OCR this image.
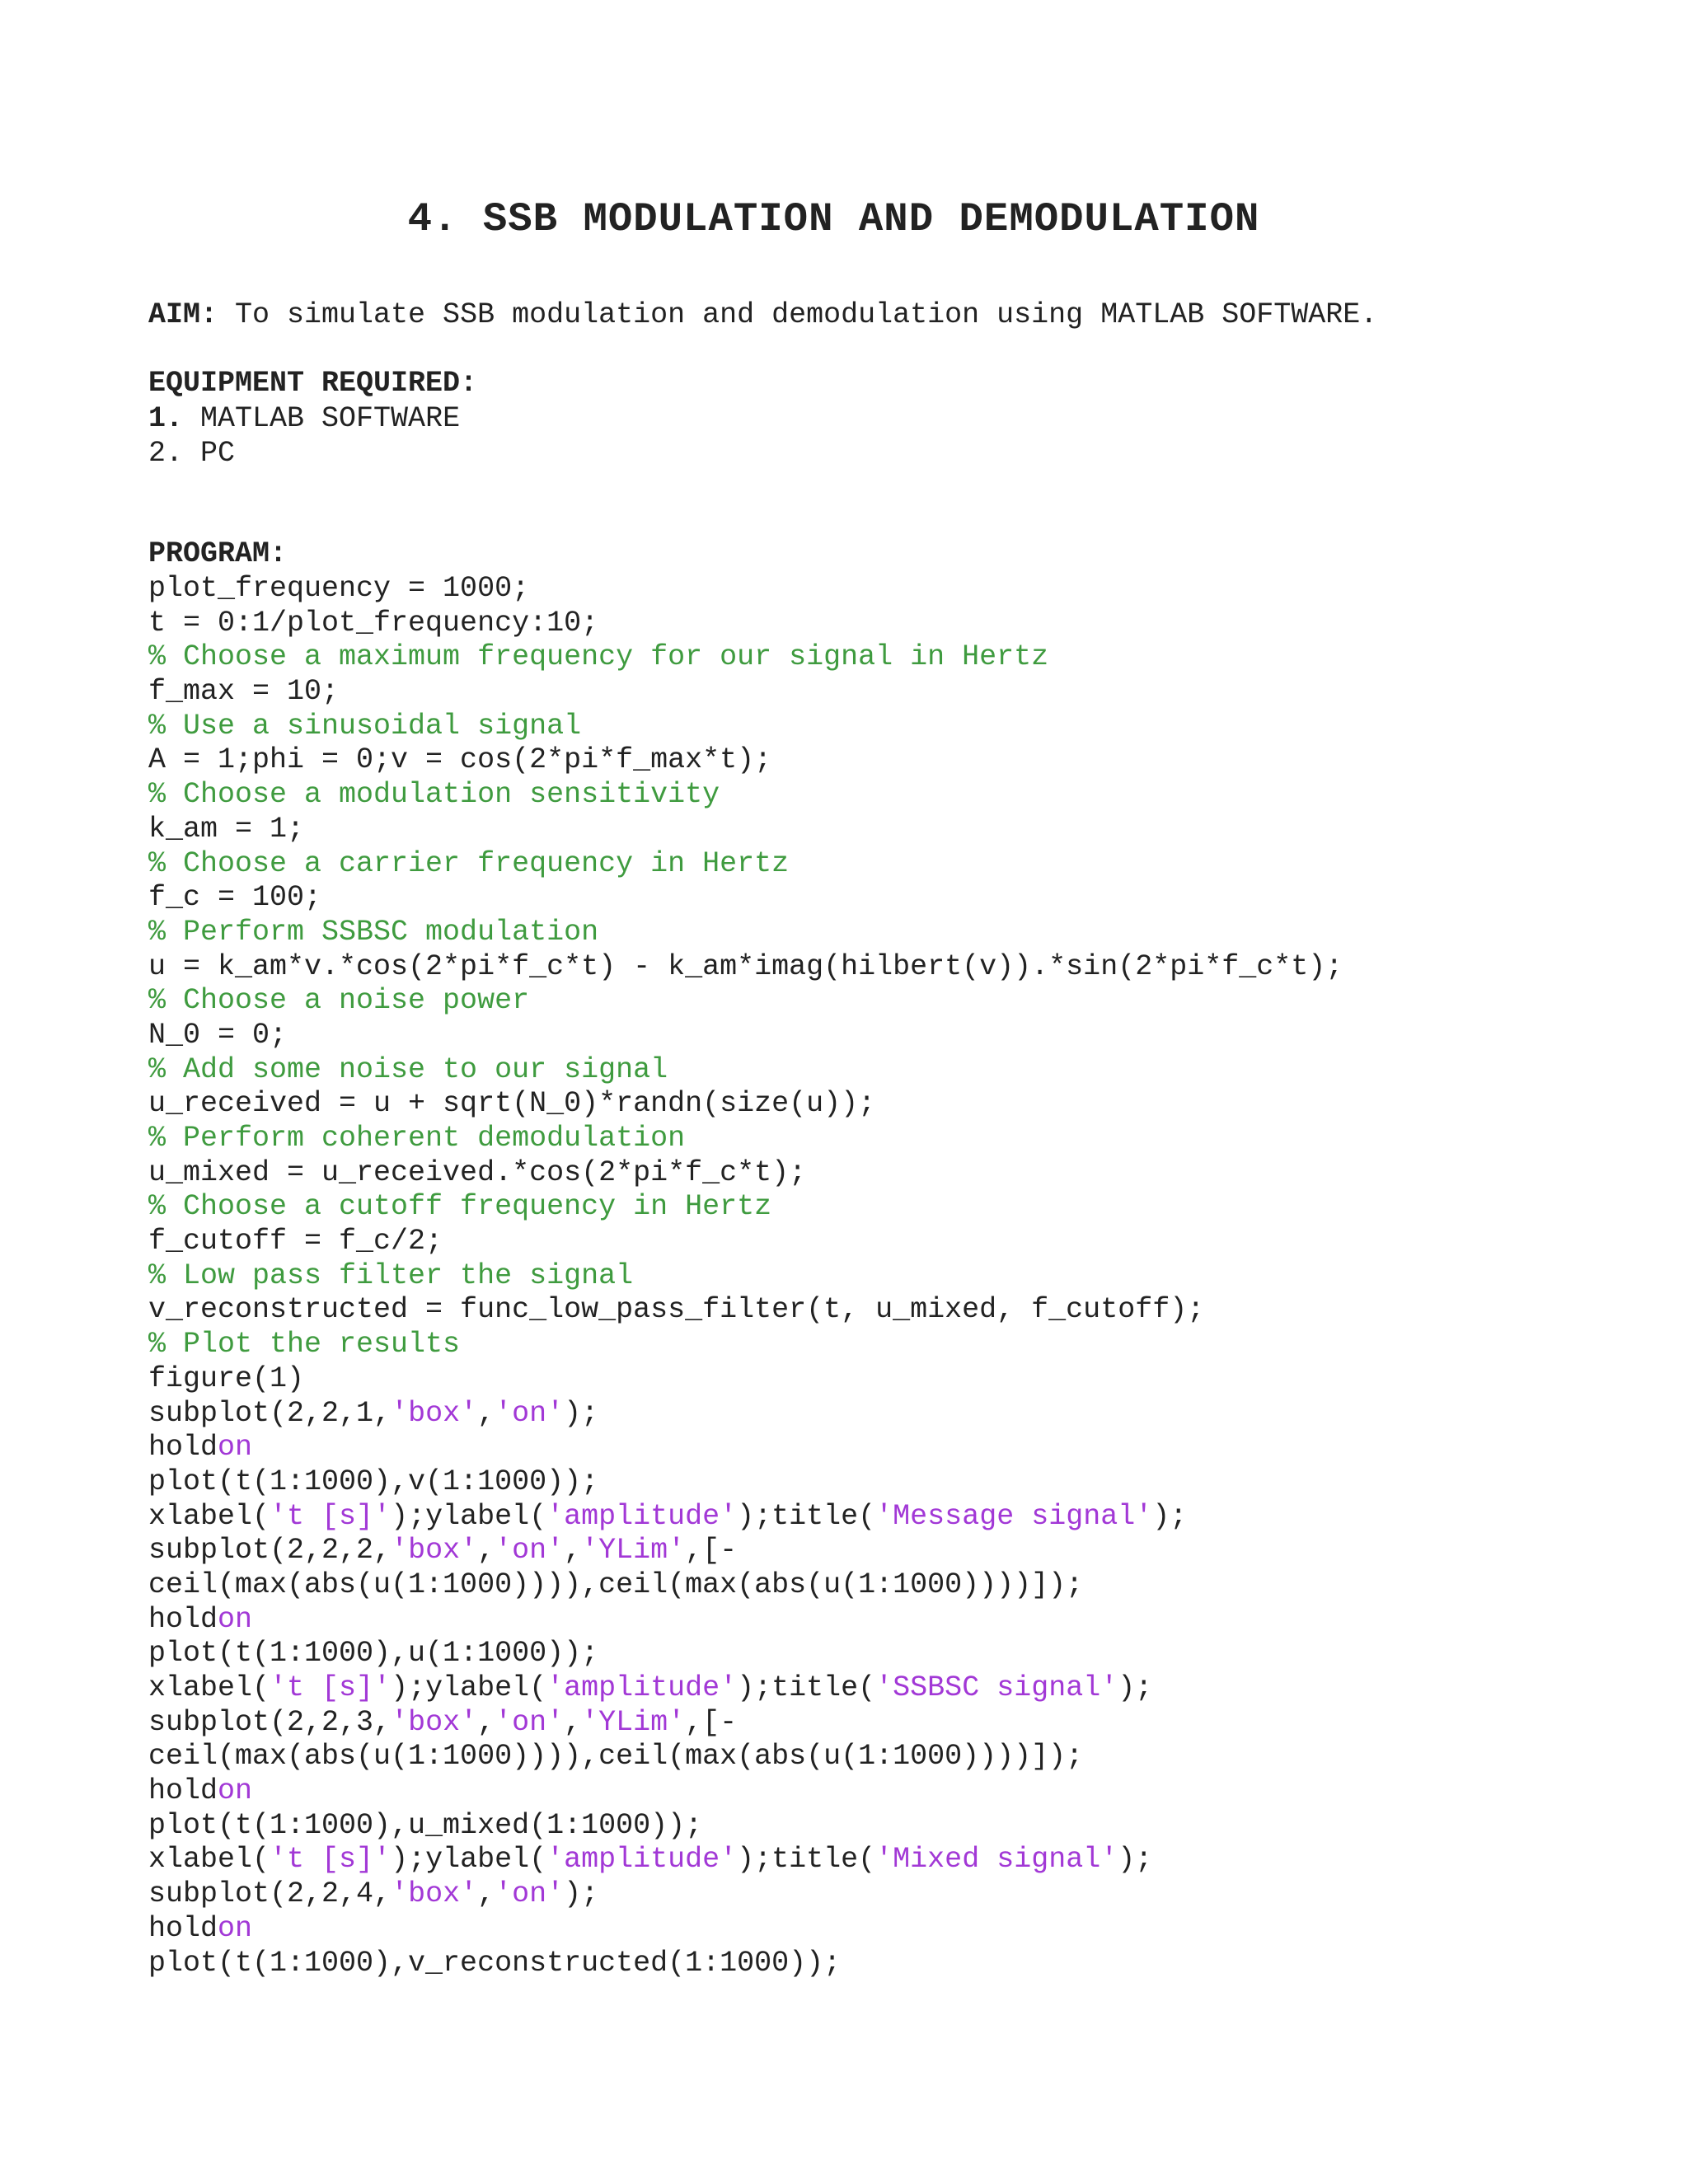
4. SSB MODULATION AND DEMODULATION

AIM: To simulate SSB modulation and demodulation using MATLAB SOFTWARE.

EQUIPMENT REQUIRED:

1. MATLAB SOFTWARE
2. PC

PROGRAM:

plot_frequency = 1000;
t = 0:1/plot_frequency:10;
% Choose a maximum frequency for our signal in Hertz
f_max = 10;
% Use a sinusoidal signal
A = 1;phi = 0;v = cos(2*pi*f_max*t);
% Choose a modulation sensitivity
k_am = 1;
% Choose a carrier frequency in Hertz
f_c = 100;
% Perform SSBSC modulation
u = k_am*v.*cos(2*pi*f_c*t) - k_am*imag(hilbert(v)).*sin(2*pi*f_c*t);
% Choose a noise power
N_0 = 0;
% Add some noise to our signal
u_received = u + sqrt(N_0)*randn(size(u));
% Perform coherent demodulation
u_mixed = u_received.*cos(2*pi*f_c*t);
% Choose a cutoff frequency in Hertz
f_cutoff = f_c/2;
% Low pass filter the signal
v_reconstructed = func_low_pass_filter(t, u_mixed, f_cutoff);
% Plot the results
figure(1)
subplot(2,2,1,'box','on');
holdon
plot(t(1:1000),v(1:1000));
xlabel('t [s]');ylabel('amplitude');title('Message signal');
subplot(2,2,2,'box','on','YLim',[-
ceil(max(abs(u(1:1000)))),ceil(max(abs(u(1:1000))))]);
holdon
plot(t(1:1000),u(1:1000));
xlabel('t [s]');ylabel('amplitude');title('SSBSC signal');
subplot(2,2,3,'box','on','YLim',[-
ceil(max(abs(u(1:1000)))),ceil(max(abs(u(1:1000))))]);
holdon
plot(t(1:1000),u_mixed(1:1000));
xlabel('t [s]');ylabel('amplitude');title('Mixed signal');
subplot(2,2,4,'box','on');
holdon
plot(t(1:1000),v_reconstructed(1:1000));
